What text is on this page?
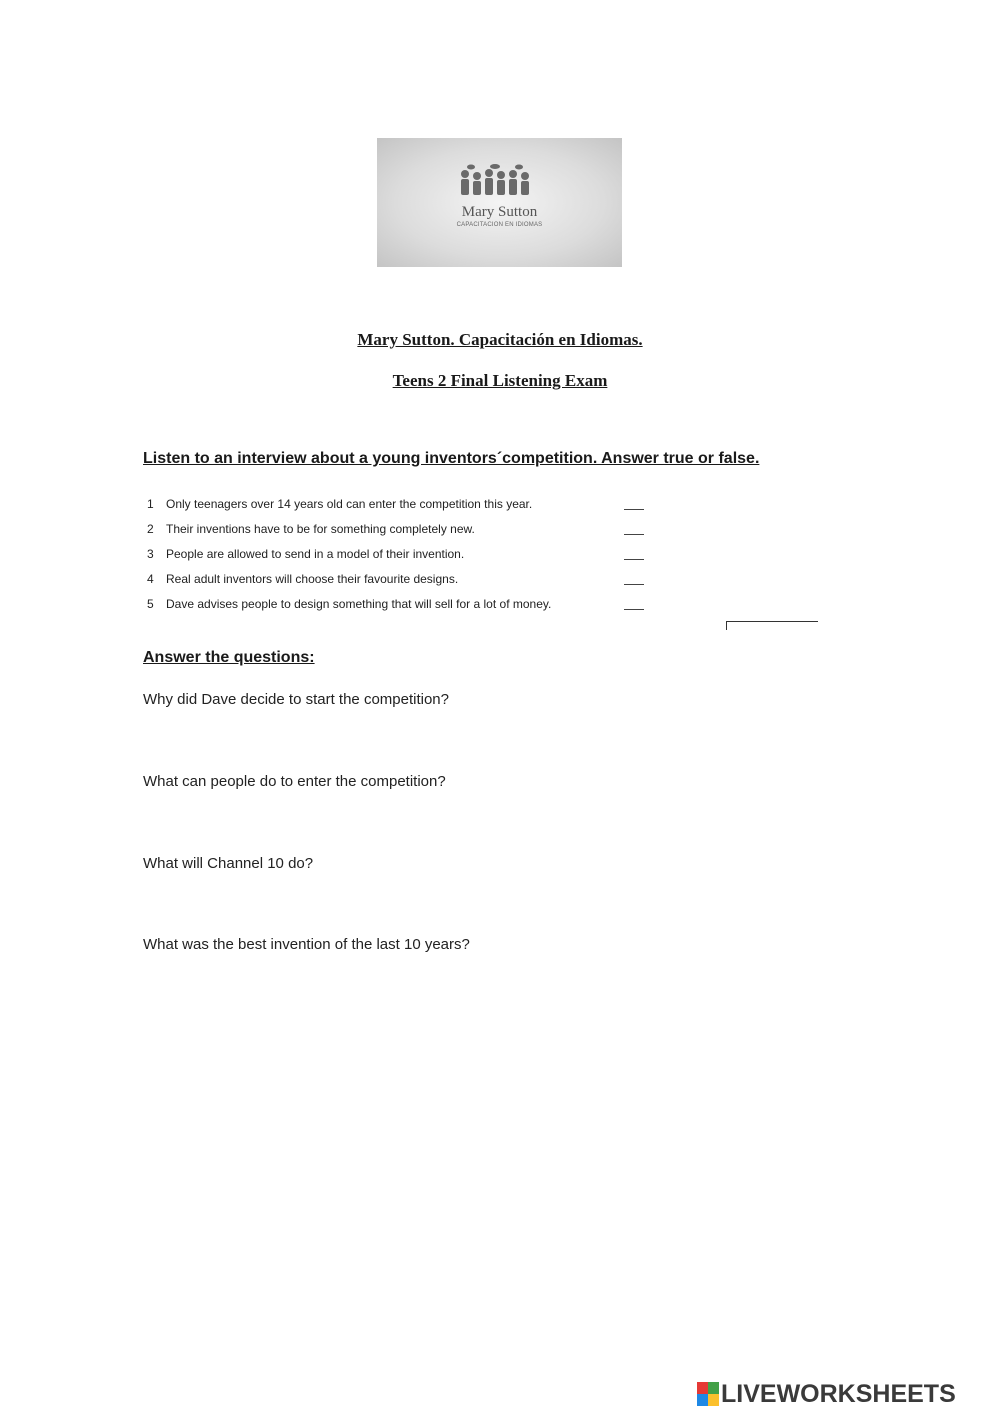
Mary Sutton
CAPACITACION EN IDIOMAS
Mary Sutton. Capacitación en Idiomas.
Teens 2 Final Listening Exam
Listen to an interview about a young inventors´competition. Answer true or false.
1 Only teenagers over 14 years old can enter the competition this year.
2 Their inventions have to be for something completely new.
3 People are allowed to send in a model of their invention.
4 Real adult inventors will choose their favourite designs.
5 Dave advises people to design something that will sell for a lot of money.
Answer the questions:
Why did Dave decide to start the competition?
What can people do to enter the competition?
What will Channel 10 do?
What was the best invention of the last 10 years?
LIVEWORKSHEETS
